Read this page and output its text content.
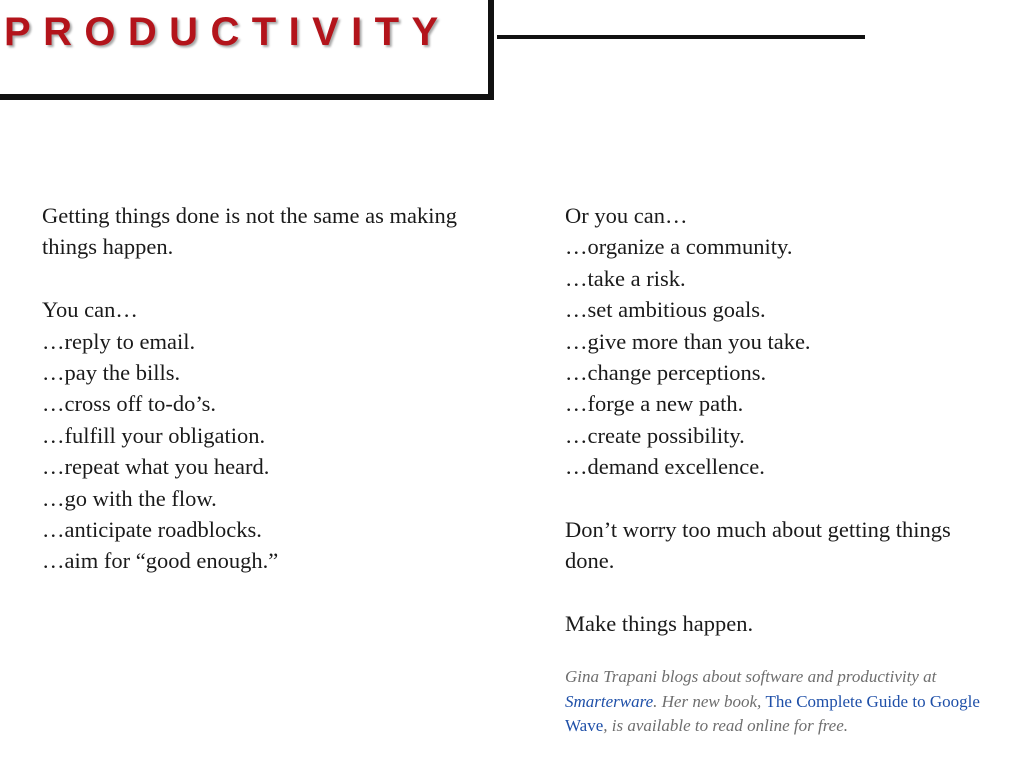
PRODUCTIVITY
Getting things done is not the same as making
things happen.
You can…
…reply to email.
…pay the bills.
…cross off to-do’s.
…fulfill your obligation.
…repeat what you heard.
…go with the flow.
…anticipate roadblocks.
…aim for “good enough.”
Or you can…
…organize a community.
…take a risk.
…set ambitious goals.
…give more than you take.
…change perceptions.
…forge a new path.
…create possibility.
…demand excellence.
Don’t worry too much about getting things
done.
Make things happen.
Gina Trapani blogs about software and productivity at
Smarterware. Her new book, The Complete Guide to Google
Wave, is available to read online for free.
